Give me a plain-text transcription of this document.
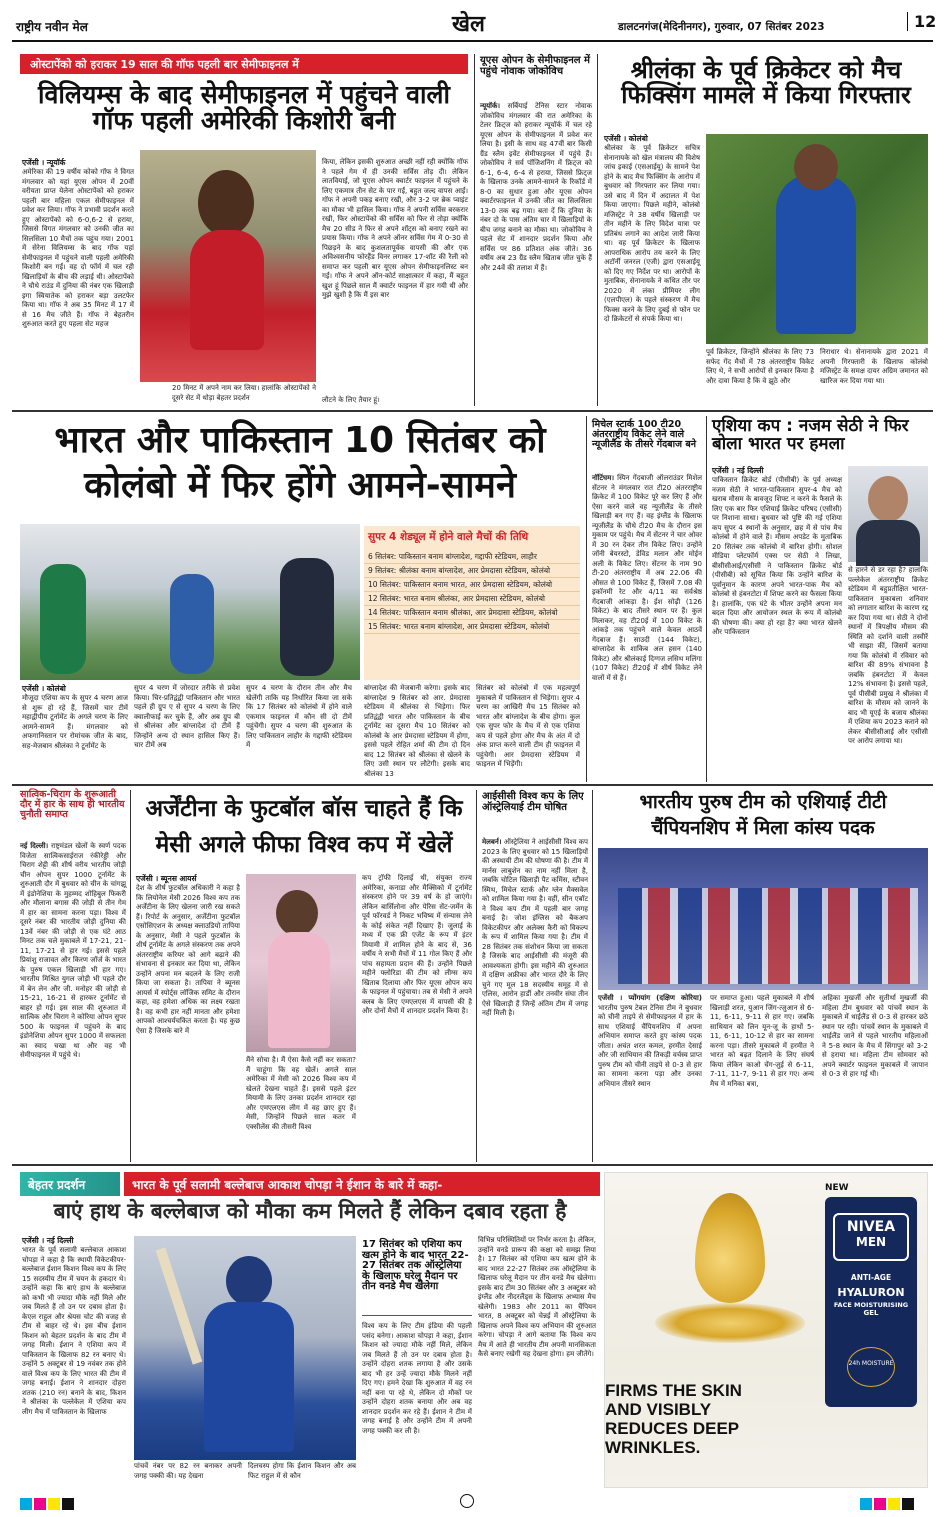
राष्ट्रीय नवीन मेल	खेल	डालटनगंज(मेदिनीनगर), गुरुवार, 07 सितंबर 2023	12
ओस्टापेंको को हराकर 19 साल की गॉफ पहली बार सेमीफाइनल में
विलियम्स के बाद सेमीफाइनल में पहुंचने वाली गॉफ पहली अमेरिकी किशोरी बनी
एजेंसी । न्यूयॉर्क
अमेरिका की 19 वर्षीय कोको गॉफ ने विगत मंगलवार को यहां यूएस ओपन में 20वीं वरीयता प्राप्त येलेना ओस्टापेंको को हराकर पहली बार महिला एकल सेमीफाइनल में प्रवेश कर लिया। गॉफ ने प्रभावी प्रदर्शन करते हुए ओस्टापेंको को 6-0,6-2 से हराया, जिससे विगत मंगलवार को उनकी जीत का सिलसिला 10 मैचों तक पहुंच गया। 2001 में सेरेना विलियम्स के बाद गॉफ यहां सेमीफाइनल में पहुंचने वाली पहली अमेरिकी किशोरी बन गईं। वह दो फॉर्म में चल रही खिलाड़ियों के बीच की लड़ाई थी। ओस्टापेंको ने चौथे राउंड में दुनिया की नंबर एक खिलाड़ी इगा स्वियातेक को हराकर बड़ा उलटफेर किया था। गॉफ ने अब 35 मिनट में 17 में से 16 मैच जीते हैं। गॉफ ने बेहतरीन शुरुआत करते हुए पहला सेट महज
20 मिनट में अपने नाम कर लिया। हालांकि ओस्टापेंको ने दूसरे सेट में थोड़ा बेहतर प्रदर्शन
किया, लेकिन इसकी शुरुआत अच्छी नहीं रही क्योंकि गॉफ ने पहले गेम में ही उनकी सर्विस तोड़ दी। लेकिन लातवियाई, जो यूएस ओपन क्वार्टर फाइनल में पहुंचने के लिए एकमात्र तीन सेट के पार गईं, बहुत जल्द वापस आईं। गॉफ ने अपनी पकड़ बनाए रखी, और 3-2 पर ब्रेक प्वाइंट का मौका भी हासिल किया। गॉफ ने अपनी सर्विस बरकरार रखी, फिर ओस्टापेंको की सर्विस को फिर से तोड़ा क्योंकि मैच 20 सीड ने फिर से अपने शॉट्स को बनाए रखने का प्रयास किया। गॉफ ने अपने ऑनर सर्विस गेम में 0-30 से पिछड़ने के बाद कुशलतापूर्वक वापसी की और एक अविश्वसनीय फोरहैंड विनर लगाकर 17-शॉट की रैली को समाप्त कर पहली बार यूएस ओपन सेमीफाइनलिस्ट बन गईं। गॉफ ने अपने ऑन-कोर्ट साक्षात्कार में कहा, मैं बहुत खुश हूं पिछले साल मैं क्वार्टर फाइनल में हार गयी थी और मुझे खुशी है कि मैं इस बार
लौटने के लिए तैयार हूं।
यूएस ओपन के सेमीफाइनल में पहुंचे नोवाक जोकोविच
न्यूयॉर्क। सर्बियाई टेनिस स्टार नोवाक जोकोविच मंगलवार की रात अमेरिका के टेलर फ्रिट्ज को हराकर न्यूयॉर्क में चल रहे यूएस ओपन के सेमीफाइनल में प्रवेश कर लिया है। इसी के साथ वह 47वीं बार किसी ग्रैंड स्लैम इवेंट सेमीफाइनल में पहुंचे हैं। जोकोविच ने सर्व पॉजिशनिंग में फ्रिट्ज को 6-1, 6-4, 6-4 से हराया, जिससे फ्रिट्ज के खिलाफ उनके आमने-सामने के रिकॉर्ड में 8-0 का सुधार हुआ और यूएस ओपन क्वार्टरफाइनल में उनकी जीत का सिलसिला 13-0 तक बढ़ गया। बता दें कि दुनिया के नंबर दो के पास अंतिम चार में खिलाड़ियों के बीच जगह बनाने का मौका था। जोकोविच ने पहले सेट में शानदार प्रदर्शन किया और सर्विस पर 86 प्रतिशत अंक जीते। 36 वर्षीय अब 23 ग्रैंड स्लैम खिताब जीत चुके हैं और 24वें की तलाश में हैं।
श्रीलंका के पूर्व क्रिकेटर को मैच फिक्सिंग मामले में किया गिरफ्तार
एजेंसी । कोलंबो
श्रीलंका के पूर्व क्रिकेटर सचित्र सेनानायके को खेल मंत्रालय की विशेष जांच इकाई (एसआईयू) के सामने पेश होने के बाद मैच फिक्सिंग के आरोप में बुधवार को गिरफ्तार कर लिया गया। उसे बाद में दिन में अदालत में पेश किया जाएगा। पिछले महीने, कोलंबो मजिस्ट्रेट ने 38 वर्षीय खिलाड़ी पर तीन महीने के लिए विदेश यात्रा पर प्रतिबंध लगाने का आदेश जारी किया था। वह पूर्व क्रिकेटर के खिलाफ आपराधिक आरोप तय करने के लिए अटॉर्नी जनरल (एजी) द्वारा एसआईयू को दिए गए निर्देश पर था। आरोपों के मुताबिक, सेनानायके ने कथित तौर पर 2020 में लंका प्रीमियर लीग (एलपीएल) के पहले संस्करण में मैच फिक्स करने के लिए दुबई से फोन पर दो क्रिकेटरों से संपर्क किया था।
पूर्व क्रिकेटर, जिन्होंने श्रीलंका के लिए 73 सफेद गेंद मैचों में 78 अंतरराष्ट्रीय विकेट लिए थे, ने सभी आरोपों से इनकार किया है और दावा किया है कि वे झूठे और
निराधार थे। सेनानायके द्वारा 2021 में अपनी गिरफ्तारी के खिलाफ कोलंबो मजिस्ट्रेट के समक्ष दायर अग्रिम जमानत को खारिज कर दिया गया था।
भारत और पाकिस्तान 10 सितंबर को कोलंबो में फिर होंगे आमने-सामने
सुपर 4 शेड्यूल में होने वाले मैचों की तिथि
6 सितंबर: पाकिस्तान बनाम बांग्लादेश, गद्दाफी स्टेडियम, लाहौर
9 सितंबर: श्रीलंका बनाम बांग्लादेश, आर प्रेमदासा स्टेडियम, कोलंबो
10 सितंबर: पाकिस्तान बनाम भारत, आर प्रेमदासा स्टेडियम, कोलंबो
12 सितंबर: भारत बनाम श्रीलंका, आर प्रेमदासा स्टेडियम, कोलंबो
14 सितंबर: पाकिस्तान बनाम श्रीलंका, आर प्रेमदासा स्टेडियम, कोलंबो
15 सितंबर: भारत बनाम बांग्लादेश, आर प्रेमदासा स्टेडियम, कोलंबो
एजेंसी । कोलंबो
मौजूदा एशिया कप के सुपर 4 चरण आज से शुरू हो रहे हैं, जिसमें चार टीमें महाद्वीपीय टूर्नामेंट के अगले चरण के लिए आमने-सामने हैं। मंगलवार को अफगानिस्तान पर रोमांचक जीत के बाद, सह-मेजबान श्रीलंका ने टूर्नामेंट के
सुपर 4 चरण में जोरदार तरीके से प्रवेश किया। चिर-प्रतिद्वंद्वी पाकिस्तान और भारत पहले ही ग्रुप ए से सुपर 4 चरण के लिए क्वालीफाई कर चुके हैं, और अब ग्रुप बी से श्रीलंका और बांग्लादेश दो टीमें हैं जिन्होंने अन्य दो स्थान हासिल किए हैं। चार टीमें अब
सुपर 4 चरण के दौरान तीन और मैच खेलेंगी ताकि यह निर्धारित किया जा सके कि 17 सितंबर को कोलंबो में होने वाले एकमात्र फाइनल में कौन सी दो टीमें पहुंचेंगी। सुपर 4 चरण की शुरुआत के लिए पाकिस्तान लाहौर के गद्दाफी स्टेडियम में
बांग्लादेश की मेजबानी करेगा। इसके बाद बांग्लादेश 9 सितंबर को आर. प्रेमदासा स्टेडियम में श्रीलंका से भिड़ेगा। फिर प्रतिद्वंद्वी भारत और पाकिस्तान के बीच टूर्नामेंट का दूसरा मैच 10 सितंबर को कोलंबो के आर प्रेमदासा स्टेडियम में होगा, इससे पहले रोहित शर्मा की टीम दो दिन बाद 12 सितंबर को श्रीलंका से खेलने के लिए उसी स्थान पर लौटेगी। इसके बाद श्रीलंका 13
सितंबर को कोलंबो में एक महत्वपूर्ण मुकाबले में पाकिस्तान से भिड़ेगा। सुपर 4 चरण का आखिरी मैच 15 सितंबर को भारत और बांग्लादेश के बीच होगा। कुल एक सुपर फोर के मैच में से एक एशिया कप से पहले होगा और मैच के अंत में दो अंक प्राप्त करने वाली टीम ही फाइनल में पहुंचेगी। आर प्रेमदासा स्टेडियम में फाइनल में भिड़ेंगी।
मिचेल स्टार्क 100 टी20 अंतरराष्ट्रीय विकेट लेने वाले न्यूजीलैंड के तीसरे गेंदबाज बने
नॉटिंघम। स्पिन गेंदबाजी ऑलराउंडर मिशेल सेंटनर ने मंगलवार रात टी20 अंतरराष्ट्रीय क्रिकेट में 100 विकेट पूरे कर लिए हैं और ऐसा करने वाले वह न्यूजीलैंड के तीसरे खिलाड़ी बन गए हैं। वह इंग्लैंड के खिलाफ न्यूजीलैंड के चौथे टी20 मैच के दौरान इस मुकाम पर पहुंचे। मैच में सेंटनर ने चार ओवर में 30 रन देकर तीन विकेट लिए। उन्होंने जॉनी बेयरस्टो, डेविड मलान और मोईन अली के विकेट लिए। सेंटनर के नाम 90 टी-20 अंतरराष्ट्रीय में अब 22.06 की औसत से 100 विकेट हैं, जिसमें 7.08 की इकॉनमी रेट और 4/11 का सर्वश्रेष्ठ गेंदबाजी आंकड़ा है। ईश सोढ़ी (126 विकेट) के बाद तीसरे स्थान पर हैं। कुल मिलाकर, वह टी20ई में 100 विकेट के आंकड़े तक पहुंचने वाले केवल आठवें गेंदबाज हैं। साउदी (144 विकेट), बांग्लादेश के शाकिब अल हसन (140 विकेट) और श्रीलंकाई दिग्गज लसिथ मलिंगा (107 विकेट) टी20ई में शीर्ष विकेट लेने वालों में से हैं।
एशिया कप : नजम सेठी ने फिर बोला भारत पर हमला
एजेंसी । नई दिल्ली
पाकिस्तान क्रिकेट बोर्ड (पीसीबी) के पूर्व अध्यक्ष नजम सेठी ने भारत-पाकिस्तान सुपर-4 मैच को खराब मौसम के बावजूद शिफ्ट न करने के फैसले के लिए एक बार फिर एशियाई क्रिकेट परिषद (एसीसी) पर निशाना साधा। बुधवार को पुष्टि की गई एशिया कप सुपर 4 स्थानों के अनुसार, छह में से पांच मैच कोलंबो में होने वाले हैं। मौसम अपडेट के मुताबिक 20 सितंबर तक कोलंबो में बारिश होगी। सोशल मीडिया प्लेटफॉर्म एक्स पर सेठी ने लिखा, बीसीसीआई/एसीसी ने पाकिस्तान क्रिकेट बोर्ड (पीसीबी) को सूचित किया कि उन्होंने बारिश के पूर्वानुमान के कारण अपने भारत-पाक मैच को कोलंबो से हंबनटोटा में शिफ्ट करने का फैसला किया है। हालांकि, एक घंटे के भीतर उन्होंने अपना मन बदल दिया और आयोजन स्थल के रूप में कोलंबो की घोषणा की। क्या हो रहा है? क्या भारत खेलने और पाकिस्तान
से हारने से डर रहा है? हालांकि पल्लेकेल अंतरराष्ट्रीय क्रिकेट स्टेडियम में बहुप्रतीक्षित भारत-पाकिस्तान मुकाबला शनिवार को लगातार बारिश के कारण रद्द कर दिया गया था। सेठी ने दोनों स्थानों में त्रिपक्षीय मौसम की स्थिति को दर्शाने वाली तस्वीरें भी साझा कीं, जिसमें बताया गया कि कोलंबो में रविवार को बारिश की 89% संभावना है जबकि हंबनटोटा में केवल 12% संभावना है। इससे पहले, पूर्व पीसीबी प्रमुख ने श्रीलंका में बारिश के मौसम को जानने के बाद भी यूएई के बजाय श्रीलंका में एशिया कप 2023 कराने को लेकर बीसीसीआई और एसीसी पर आरोप लगाया था।
सात्विक-चिराग के शुरूआती दौर में हार के साथ ही भारतीय चुनौती समाप्त
नई दिल्ली। राष्ट्रमंडल खेलों के स्वर्ण पदक विजेता सात्विकसाईराज रंकीरेड्डी और चिराग शेट्टी की शीर्ष वरीय भारतीय जोड़ी चीन ओपन सुपर 1000 टूर्नामेंट के शुरुआती दौर में बुधवार को चीन के चांगझू में इंडोनेशिया के मुहम्मद शोहिबुल फिकरी और मौलाना बगास की जोड़ी से तीन गेम में हार का सामना करना पड़ा। विश्व में दूसरे नंबर की भारतीय जोड़ी दुनिया की 13वें नंबर की जोड़ी से एक घंटे आठ मिनट तक चले मुकाबले में 17-21, 21-11, 17-21 से हार गई। इससे पहले प्रियांशु राजावत और किरण जॉर्ज के भारत के पुरुष एकल खिलाड़ी भी हार गए। भारतीय मिश्रित युगल जोड़ी भी पहले दौर में बेन लेन और जी. मनोहर की जोड़ी से 15-21, 16-21 से हारकर टूर्नामेंट से बाहर हो गई। इस साल की शुरुआत में सात्विक और चिराग ने कोरिया ओपन सुपर 500 के फाइनल में पहुंचने के बाद इंडोनेशिया ओपन सुपर 1000 में सफलता का स्वाद चखा था और वह भी सेमीफाइनल में पहुंचे थे।
अर्जेंटीना के फुटबॉल बॉस चाहते हैं कि मेसी अगले फीफा विश्व कप में खेलें
एजेंसी । ब्यूनस आयर्स
देश के शीर्ष फुटबॉल अधिकारी ने कहा है कि लियोनेल मेसी 2026 विश्व कप तक अर्जेंटीना के लिए खेलना जारी रख सकते हैं। रिपोर्ट के अनुसार, अर्जेंटीना फुटबॉल एसोसिएशन के अध्यक्ष क्लाउडियो तापिया के अनुसार, मेसी ने पहले फुटबॉल के शीर्ष टूर्नामेंट के अगले संस्करण तक अपने अंतरराष्ट्रीय करियर को आगे बढ़ाने की संभावना से इनकार कर दिया था, लेकिन उन्होंने अपना मन बदलने के लिए राजी किया जा सकता है। तापिया ने ब्यूनस आयर्स में स्पोर्ट्स लॉजिक समिट के दौरान कहा, वह हमेशा अधिक का लक्ष्य रखता है। वह कभी हार नहीं मानता और हमेशा आपको आश्चर्यचकित करता है। यह कुछ ऐसा है जिसके बारे में
मैंने सोचा है। मैं ऐसा कैसे नहीं कर सकता? मैं चाहूंगा कि वह खेलें। अगले साल अमेरिका में मेसी को 2026 विश्व कप में खेलते देखना चाहते हैं। इससे पहले इंटर मियामी के लिए उनका प्रदर्शन शानदार रहा और एमएलएस लीग में वह छाए हुए हैं। मेसी, जिन्होंने पिछले साल कतर में एक्सीलेंस की तीसरी विश्व
कप ट्रॉफी दिलाई थी, संयुक्त राज्य अमेरिका, कनाडा और मैक्सिको में टूर्नामेंट संस्करण होने पर 39 वर्ष के हो जाएंगे। लेकिन बार्सिलोना और पेरिस सेंट-जर्मेन के पूर्व फॉरवर्ड ने निकट भविष्य में संन्यास लेने के कोई संकेत नहीं दिखाए हैं। जुलाई के मध्य में एक फ्री एजेंट के रूप में इंटर मियामी में शामिल होने के बाद से, 36 वर्षीय ने सभी मैचों में 11 गोल किए हैं और पांच सहायता प्रदान की हैं। उन्होंने पिछले महीने फ्लोरिडा की टीम को लीग्स कप खिताब दिलाया और फिर यूएस ओपन कप के फाइनल में पहुंचाया। तब से मेसी ने अपने क्लब के लिए एमएलएस में वापसी की है और दोनों मैचों में शानदार प्रदर्शन किया है।
आईसीसी विश्व कप के लिए ऑस्ट्रेलियाई टीम घोषित
मेलबर्न। ऑस्ट्रेलिया ने आईसीसी विश्व कप 2023 के लिए बुधवार को 15 खिलाड़ियों की अस्थायी टीम की घोषणा की है। टीम में मार्नस लाबुशेन का नाम नहीं मिला है, जबकि चोटिल खिलाड़ी पैट कमिंस, स्टीवन स्मिथ, मिचेल स्टार्क और ग्लेन मैक्सवेल को शामिल किया गया है। वहीं, सीन एबॉट ने विश्व कप टीम में पहली बार जगह बनाई है। जोश इंग्लिस को बैकअप विकेटकीपर और अलेक्स कैरी को विकल्प के रूप में शामिल किया गया है। टीम में 28 सितंबर तक संशोधन किया जा सकता है जिसके बाद आईसीसी की मंजूरी की आवश्यकता होगी। इस महीने की शुरुआत में दक्षिण अफ्रीका और भारत दौरे के लिए चुने गए मूल 18 सदस्यीय समूह में से एलिस, आरोन हार्डी और तनवीर संघा तीन ऐसे खिलाड़ी हैं जिन्हें अंतिम टीम में जगह नहीं मिली है।
भारतीय पुरुष टीम को एशियाई टीटी चैंपियनशिप में मिला कांस्य पदक
एजेंसी । प्योंगयांग (दक्षिण कोरिया) भारतीय पुरुष टेबल टेनिस टीम ने बुधवार को चीनी ताइपे से सेमीफाइनल में हार के साथ एशियाई चैंपियनशिप में अपना अभियान समाप्त करते हुए कांस्य पदक जीता। अचंत शरत कमल, हरमीत देसाई और जी साथियान की तिकड़ी वर्चस्व प्राप्त पुरुष टीम को चीनी ताइपे से 0-3 से हार का सामना करना पड़ा और उनका अभियान तीसरे स्थान
पर समाप्त हुआ। पहले मुकाबले में शीर्ष खिलाड़ी शरत, युआन जिंग-त्जुआन से 6-11, 6-11, 9-11 से हार गए। जबकि साथियान को लिन यून-जू के हाथों 5-11, 6-11, 10-12 से हार का सामना करना पड़ा। तीसरे मुकाबले में हरमीत ने भारत को बढ़त दिलाने के लिए संघर्ष किया लेकिन काओ चेंग-जुई से 6-11, 7-11, 11-7, 9-11 से हार गए। अन्य मैच में मनिका बत्रा,
अहिका मुखर्जी और सुतीर्था मुखर्जी की महिला टीम बुधवार को पांचवें स्थान के मुकाबले में थाईलैंड से 0-3 से हारकर छठे स्थान पर रही। पांचवें स्थान के मुकाबले में थाईलैंड जाने से पहले भारतीय महिलाओं ने 5-8 स्थान के मैच में सिंगापुर को 3-2 से हराया था। महिला टीम सोमवार को अपने क्वार्टर फाइनल मुकाबले में जापान से 0-3 से हार गई थी।
बेहतर प्रदर्शन	भारत के पूर्व सलामी बल्लेबाज आकाश चोपड़ा ने ईशान के बारे में कहा-
बाएं हाथ के बल्लेबाज को मौका कम मिलते हैं लेकिन दबाव रहता है
एजेंसी । नई दिल्ली
भारत के पूर्व सलामी बल्लेबाज आकाश चोपड़ा ने कहा है कि स्थायी विकेटकीपर-बल्लेबाज ईशान किशन विश्व कप के लिए 15 सदस्यीय टीम में चयन के हकदार थे। उन्होंने कहा कि बाएं हाथ के बल्लेबाज को कभी भी ज्यादा मौके नहीं मिले और जब मिलते हैं तो उन पर दबाव होता है। केएल राहुल और श्रेयस चोट की वजह से टीम से बाहर रहे थे। इस बीच ईशान किशन को बेहतर प्रदर्शन के बाद टीम में जगह मिली। ईशान ने एशिया कप में पाकिस्तान के खिलाफ 82 रन बनाए थे। उन्होंने 5 अक्टूबर से 19 नवंबर तक होने वाले विश्व कप के लिए भारत की टीम में जगह बनाई। ईशान ने शानदार दोहरा शतक (210 रन) बनाने के बाद, किशन ने श्रीलंका के पल्लेकेल में एशिया कप लीग मैच में पाकिस्तान के खिलाफ
पांचवें नंबर पर 82 रन बनाकर अपनी जगह पक्की की। यह देखना
दिलचस्प होगा कि ईशान किशन और अब फिट राहुल में से कौन
17 सितंबर को एशिया कप खत्म होने के बाद भारत 22-27 सितंबर तक ऑस्ट्रेलिया के खिलाफ घरेलू मैदान पर तीन वनडे मैच खेलेगा
विश्व कप के लिए टीम इंडिया की पहली पसंद बनेगा। आकाश चोपड़ा ने कहा, ईशान किशन को ज्यादा मौके नहीं मिले, लेकिन जब मिलते हैं तो उन पर दबाव होता है। उन्होंने दोहरा शतक लगाया है और उसके बाद भी हर उन्हें ज्यादा मौके मिलने नहीं दिए गए। हमने देखा कि शुरुआत में वह रन नहीं बना पा रहे थे, लेकिन दो मौकों पर उन्होंने दोहरा शतक बनाया और अब वह शानदार प्रदर्शन कर रहे हैं। ईशान ने टीम में जगह बनाई है और उन्होंने टीम में अपनी जगह पक्की कर ली है।
विभिन्न परिस्थितियों पर निर्भर करता है। लेकिन, उन्होंने वनडे प्रारूप की कक्षा को समझ लिया है। 17 सितंबर को एशिया कप खत्म होने के बाद भारत 22-27 सितंबर तक ऑस्ट्रेलिया के खिलाफ घरेलू मैदान पर तीन वनडे मैच खेलेगा। इसके बाद टीम 30 सितंबर और 3 अक्टूबर को इंग्लैंड और नीदरलैंड्स के खिलाफ अभ्यास मैच खेलेगी। 1983 और 2011 का चैंपियन भारत, 8 अक्टूबर को चेन्नई में ऑस्ट्रेलिया के खिलाफ अपने विश्व कप अभियान की शुरुआत करेगा। चोपड़ा ने आगे बताया कि विश्व कप मैच में आते ही भारतीय टीम अपनी मानसिकता कैसे बनाए रखेगी यह देखना होगा। हम जीतेंगे।
NEW
NIVEA
MEN
ANTI-AGE
HYALURON
FACE MOISTURISING
GEL
24h MOISTURE
FIRMS THE SKIN
AND VISIBLY
REDUCES DEEP
WRINKLES.
